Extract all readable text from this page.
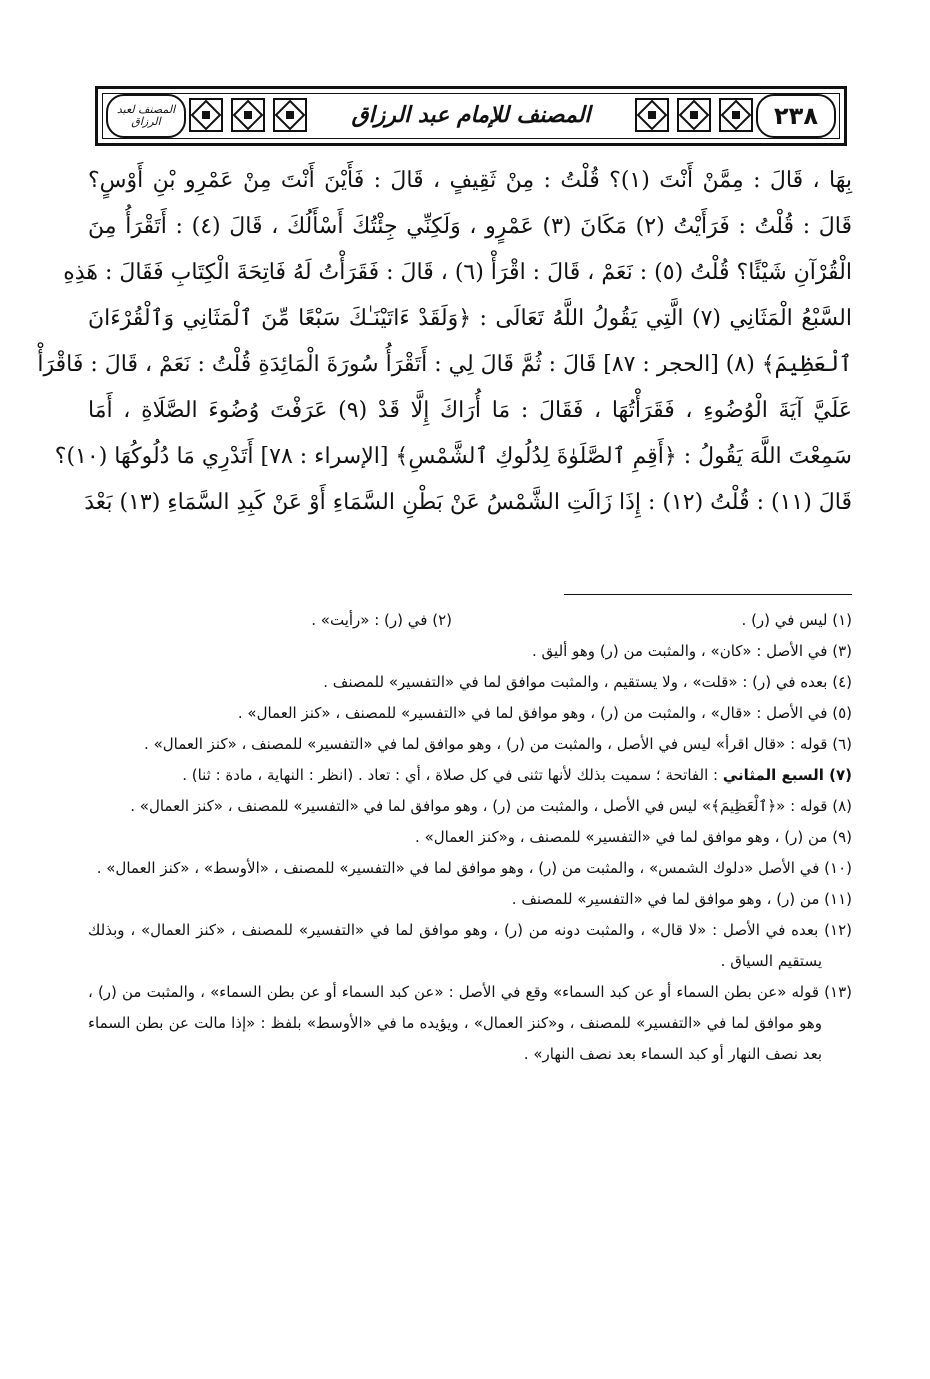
المصنف لعبد الرزاق	المصنف للإمام عبد الرزاق	٢٣٨
بِهَا ، قَالَ : مِمَّنْ أَنْتَ (١)؟ قُلْتُ : مِنْ ثَقِيفٍ ، قَالَ : فَأَيْنَ أَنْتَ مِنْ عَمْرِو بْنِ أَوْسٍ؟
قَالَ : قُلْتُ : فَرَأَيْتُ (٢) مَكَانَ (٣) عَمْرٍو ، وَلَكِنِّي جِئْتُكَ أَسْأَلُكَ ، قَالَ (٤) : أَتَقْرَأُ مِنَ
الْقُرْآنِ شَيْئًا؟ قُلْتُ (٥) : نَعَمْ ، قَالَ : اقْرَأْ (٦) ، قَالَ : فَقَرَأْتُ لَهُ فَاتِحَةَ الْكِتَابِ فَقَالَ : هَذِهِ
السَّبْعُ الْمَثَانِي (٧) الَّتِي يَقُولُ اللَّهُ تَعَالَى : ﴿وَلَقَدْ ءَاتَيْنَـٰكَ سَبْعًا مِّنَ ٱلْمَثَانِي وَٱلْقُرْءَانَ
ٱلْعَظِيمَ﴾ (٨) [الحجر : ٨٧] قَالَ : ثُمَّ قَالَ لِي : أَتَقْرَأُ سُورَةَ الْمَائِدَةِ قُلْتُ : نَعَمْ ، قَالَ : فَاقْرَأْ
عَلَيَّ آيَةَ الْوُضُوءِ ، فَقَرَأْتُهَا ، فَقَالَ : مَا أُرَاكَ إِلَّا قَدْ (٩) عَرَفْتَ وُضُوءَ الصَّلَاةِ ، أَمَا
سَمِعْتَ اللَّهَ يَقُولُ : ﴿أَقِمِ ٱلصَّلَوٰةَ لِدُلُوكِ ٱلشَّمْسِ﴾ [الإسراء : ٧٨] أَتَدْرِي مَا دُلُوكُهَا (١٠)؟
قَالَ (١١) : قُلْتُ (١٢) : إِذَا زَالَتِ الشَّمْسُ عَنْ بَطْنِ السَّمَاءِ أَوْ عَنْ كَبِدِ السَّمَاءِ (١٣) بَعْدَ
(١) ليس في (ر) .
(٢) في (ر) : «رأيت» .
(٣) في الأصل : «كان» ، والمثبت من (ر) وهو أليق .
(٤) بعده في (ر) : «قلت» ، ولا يستقيم ، والمثبت موافق لما في «التفسير» للمصنف .
(٥) في الأصل : «قال» ، والمثبت من (ر) ، وهو موافق لما في «التفسير» للمصنف ، «كنز العمال» .
(٦) قوله : «قال اقرأ» ليس في الأصل ، والمثبت من (ر) ، وهو موافق لما في «التفسير» للمصنف ، «كنز العمال» .
(٧) السبع المثاني : الفاتحة ؛ سميت بذلك لأنها تثنى في كل صلاة ، أي : تعاد . (انظر : النهاية ، مادة : ثنا) .
(٨) قوله : «﴿ٱلْعَظِيمَ﴾» ليس في الأصل ، والمثبت من (ر) ، وهو موافق لما في «التفسير» للمصنف ، «كنز العمال» .
(٩) من (ر) ، وهو موافق لما في «التفسير» للمصنف ، و«كنز العمال» .
(١٠) في الأصل «دلوك الشمس» ، والمثبت من (ر) ، وهو موافق لما في «التفسير» للمصنف ، «الأوسط» ، «كنز العمال» .
(١١) من (ر) ، وهو موافق لما في «التفسير» للمصنف .
(١٢) بعده في الأصل : «لا قال» ، والمثبت دونه من (ر) ، وهو موافق لما في «التفسير» للمصنف ، «كنز العمال» ، وبذلك يستقيم السياق .
(١٣) قوله «عن بطن السماء أو عن كبد السماء» وقع في الأصل : «عن كبد السماء أو عن بطن السماء» ، والمثبت من (ر) ، وهو موافق لما في «التفسير» للمصنف ، و«كنز العمال» ، ويؤيده ما في «الأوسط» بلفظ : «إذا مالت عن بطن السماء بعد نصف النهار أو كبد السماء بعد نصف النهار» .
